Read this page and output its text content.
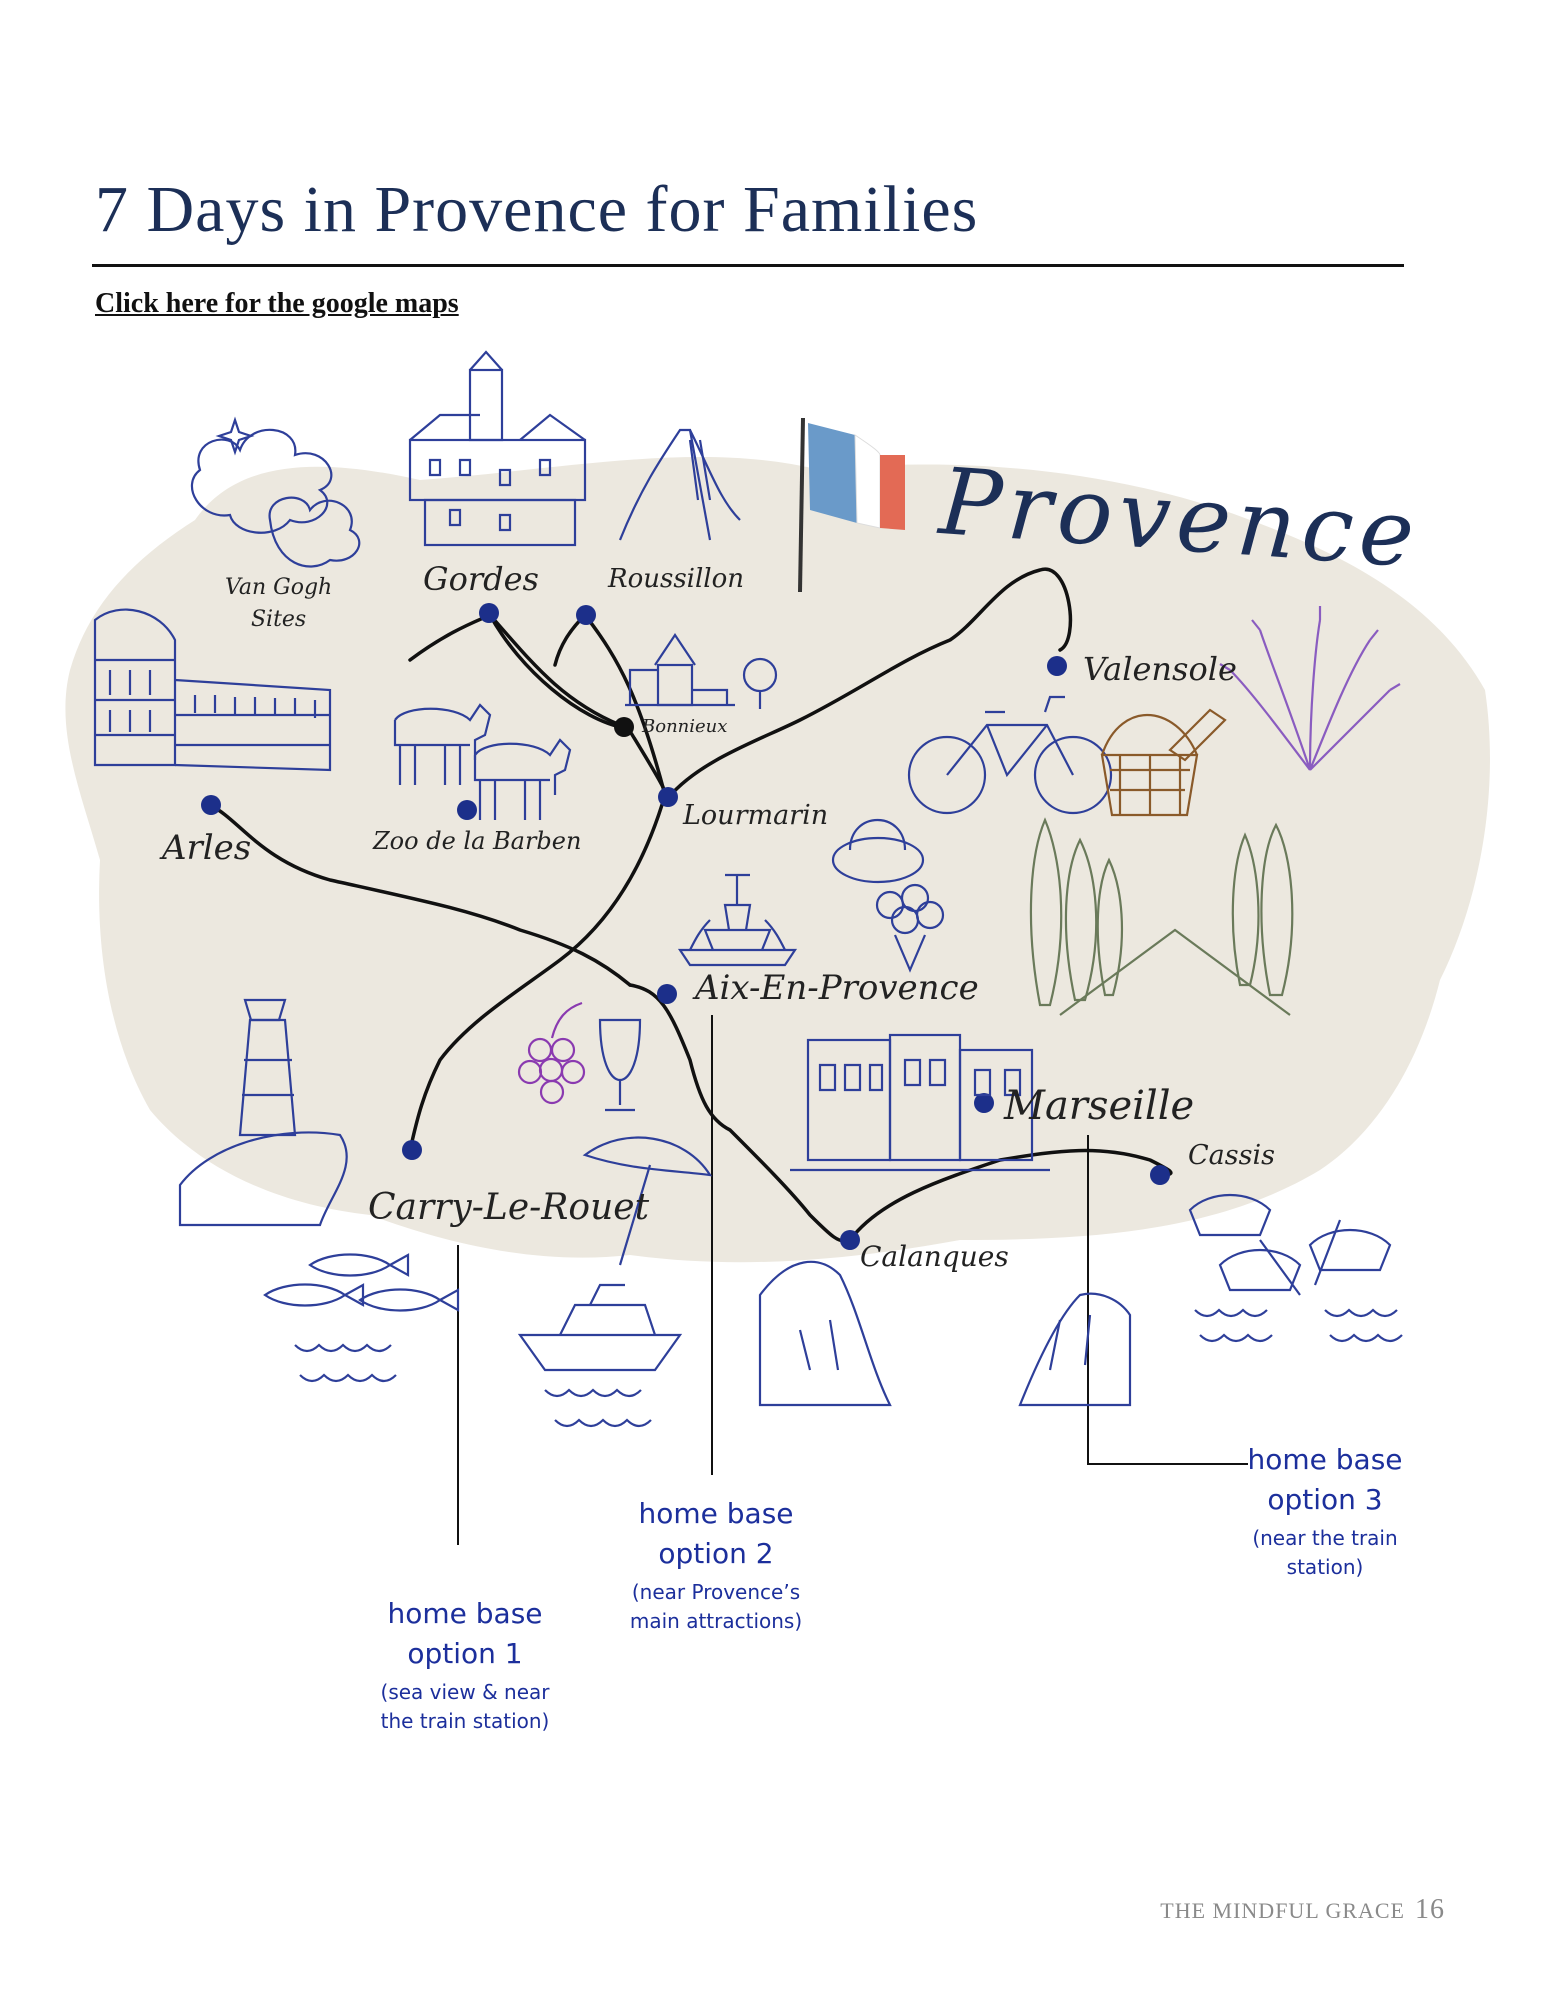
7 Days in Provence for Families
Click here for the google maps
Provence
Van Gogh
Sites
Gordes	Roussillon
Bonnieux
Valensole
Arles	Zoo de la Barben
Lourmarin
Aix-En-Provence
Marseille
Cassis
Carry-Le-Rouet
Calanques
home base
option 1
(sea view & near
the train station)
home base
option 2
(near Provence’s
main attractions)
home base
option 3
(near the train
station)
THE MINDFUL GRACE 16
